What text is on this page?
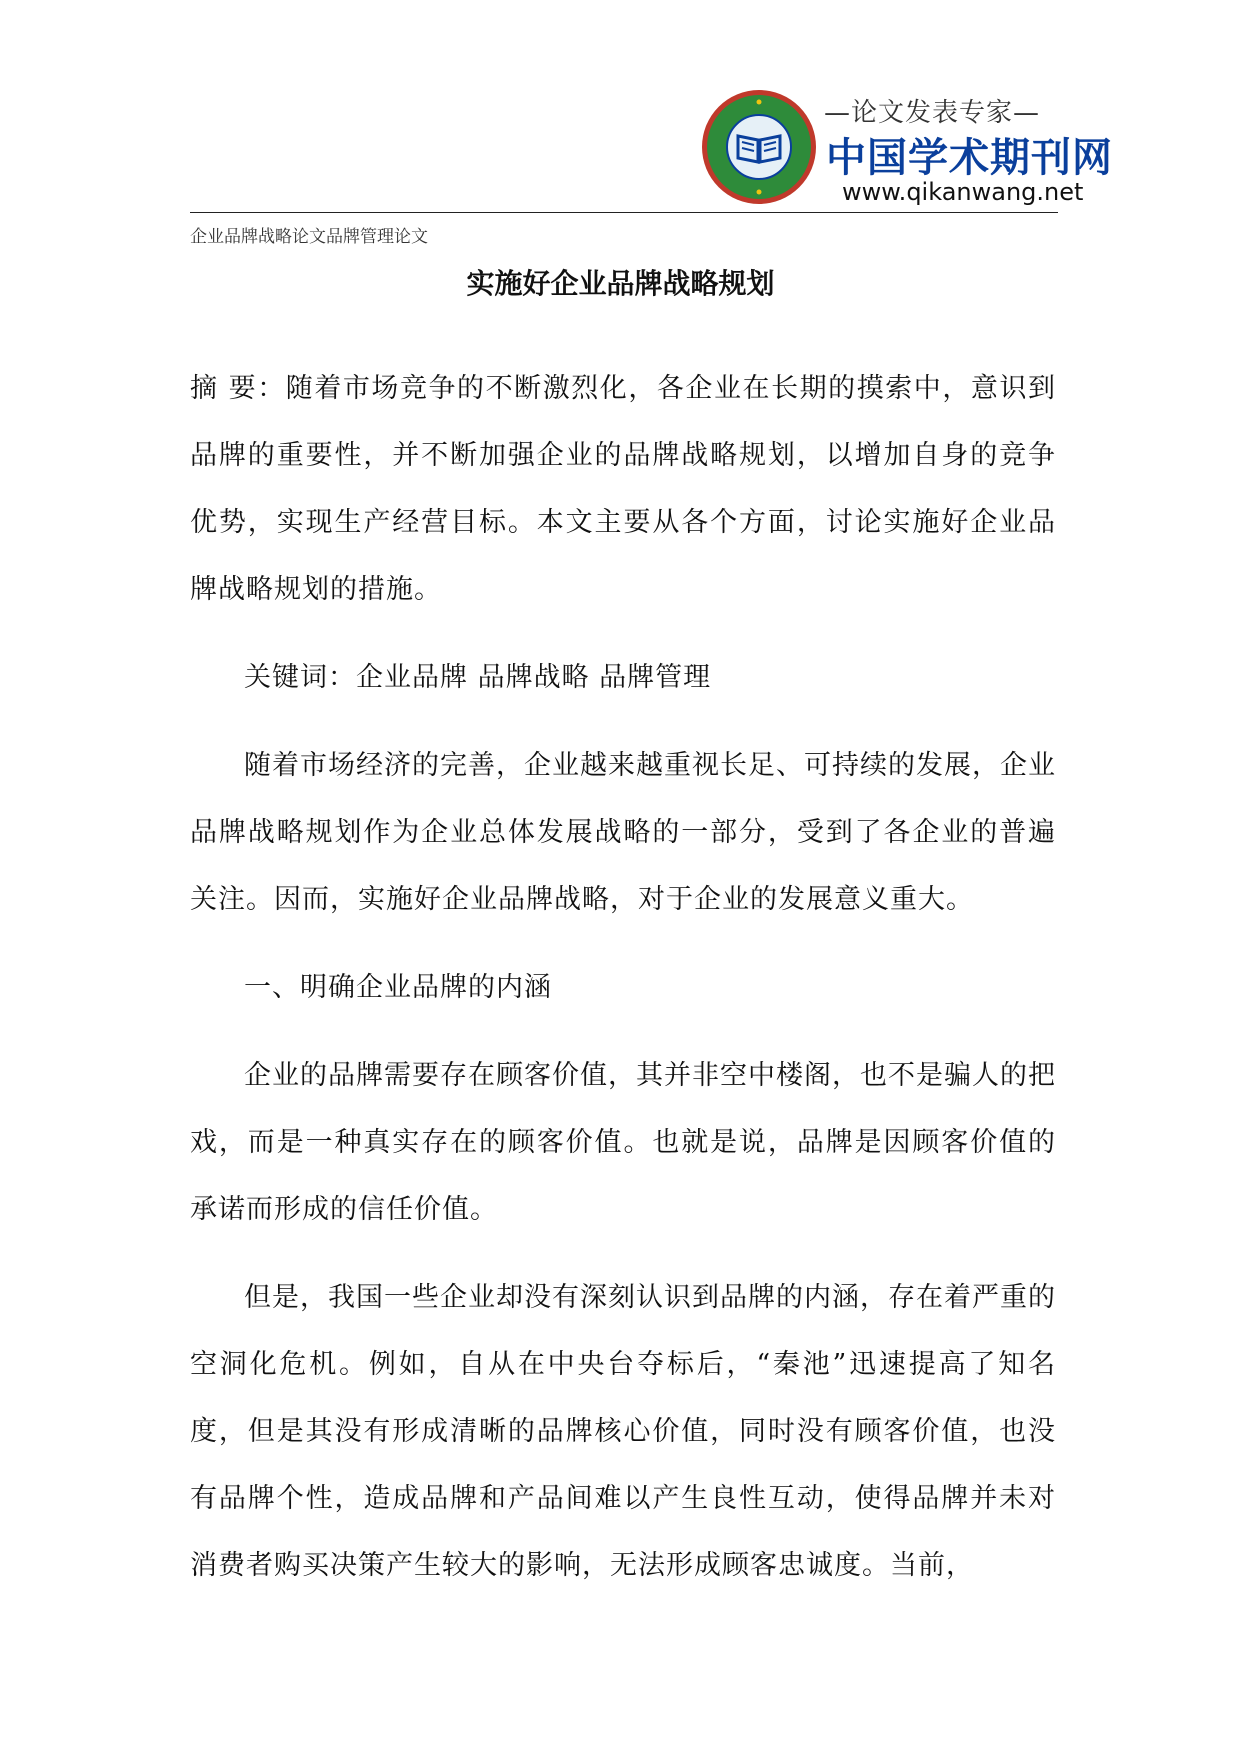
—论文发表专家—
中国学术期刊网
www.qikanwang.net
企业品牌战略论文品牌管理论文
实施好企业品牌战略规划

摘 要：随着市场竞争的不断激烈化，各企业在长期的摸索中，意识到品牌的重要性，并不断加强企业的品牌战略规划，以增加自身的竞争优势，实现生产经营目标。本文主要从各个方面，讨论实施好企业品牌战略规划的措施。

关键词：企业品牌 品牌战略 品牌管理

随着市场经济的完善，企业越来越重视长足、可持续的发展，企业品牌战略规划作为企业总体发展战略的一部分，受到了各企业的普遍关注。因而，实施好企业品牌战略，对于企业的发展意义重大。

一、明确企业品牌的内涵

企业的品牌需要存在顾客价值，其并非空中楼阁，也不是骗人的把戏，而是一种真实存在的顾客价值。也就是说，品牌是因顾客价值的承诺而形成的信任价值。

但是，我国一些企业却没有深刻认识到品牌的内涵，存在着严重的空洞化危机。例如，自从在中央台夺标后，“秦池”迅速提高了知名度，但是其没有形成清晰的品牌核心价值，同时没有顾客价值，也没有品牌个性，造成品牌和产品间难以产生良性互动，使得品牌并未对消费者购买决策产生较大的影响，无法形成顾客忠诚度。当前，
